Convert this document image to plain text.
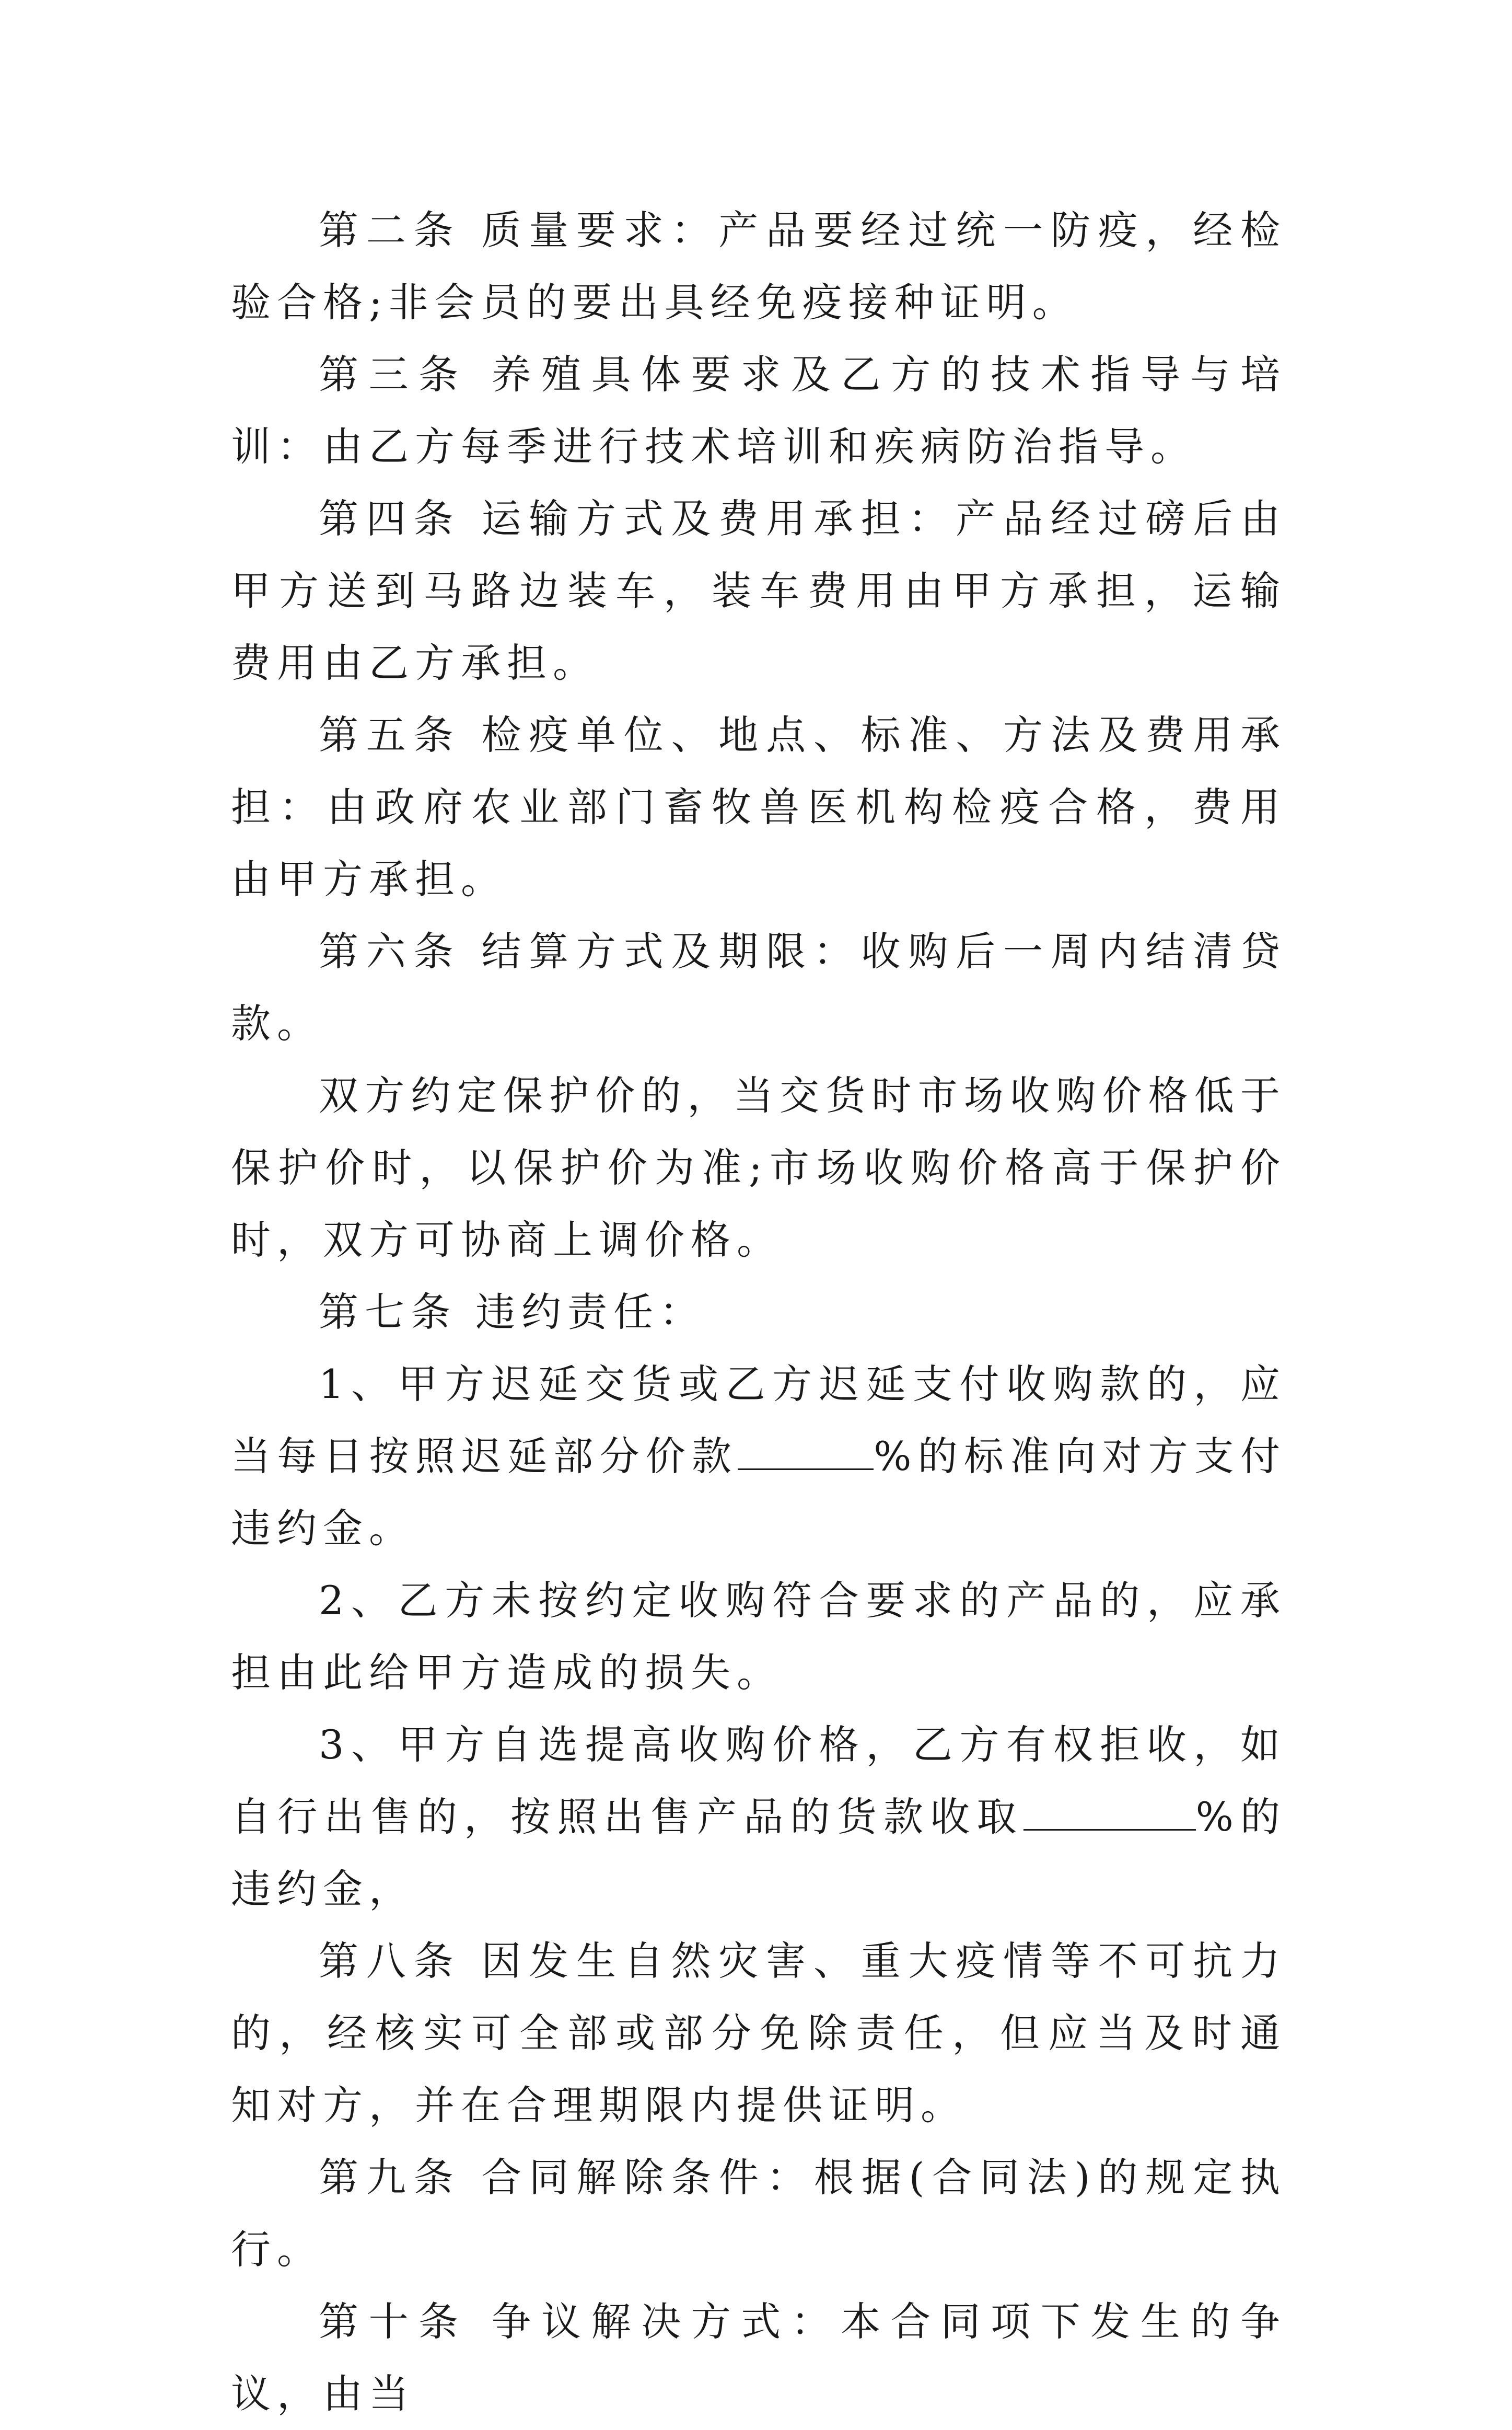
第二条 质量要求：产品要经过统一防疫，经检验合格;非会员的要出具经免疫接种证明。

第三条 养殖具体要求及乙方的技术指导与培训：由乙方每季进行技术培训和疾病防治指导。

第四条 运输方式及费用承担：产品经过磅后由甲方送到马路边装车，装车费用由甲方承担，运输费用由乙方承担。

第五条 检疫单位、地点、标准、方法及费用承担：由政府农业部门畜牧兽医机构检疫合格，费用由甲方承担。

第六条 结算方式及期限：收购后一周内结清贷款。

双方约定保护价的，当交货时市场收购价格低于保护价时，以保护价为准;市场收购价格高于保护价时，双方可协商上调价格。

第七条 违约责任：

1、甲方迟延交货或乙方迟延支付收购款的，应当每日按照迟延部分价款	%的标准向对方支付违约金。

2、乙方未按约定收购符合要求的产品的，应承担由此给甲方造成的损失。

3、甲方自选提高收购价格，乙方有权拒收，如自行出售的，按照出售产品的货款收取	%的违约金，

第八条 因发生自然灾害、重大疫情等不可抗力的，经核实可全部或部分免除责任，但应当及时通知对方，并在合理期限内提供证明。

第九条 合同解除条件：根据(合同法)的规定执行。

第十条 争议解决方式：本合同项下发生的争议，由当
